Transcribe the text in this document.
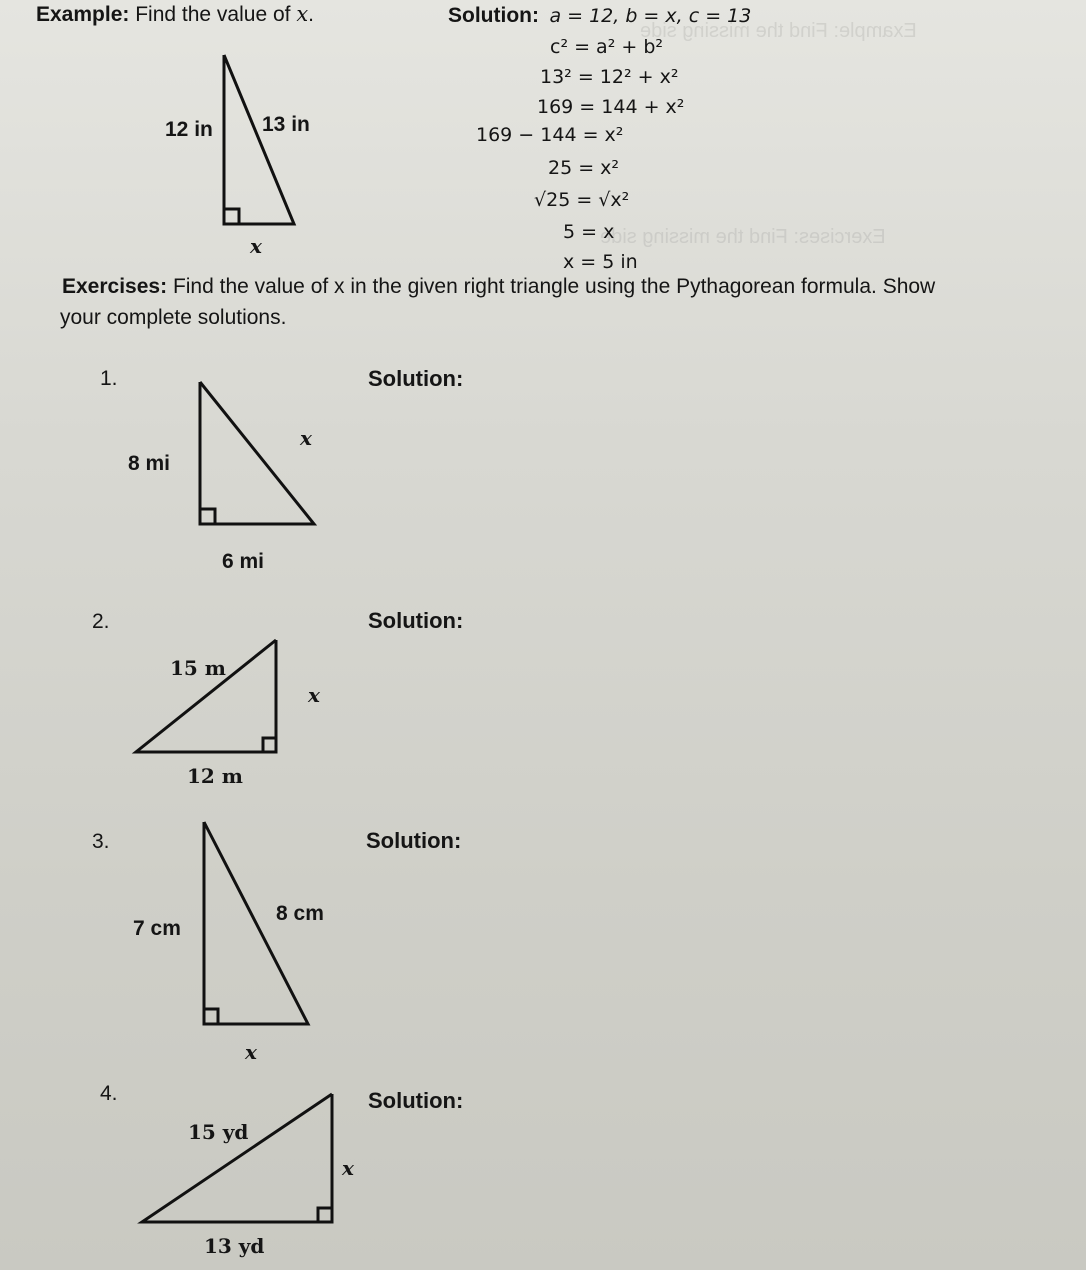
Example: Find the missing side
Exercises: Find the missing side
Example: Find the value of x.	Solution: a = 12, b = x, c = 13
12 in 13 in
x
c² = a² + b²
13² = 12² + x²
169 = 144 + x²
169 − 144 = x²
25 = x²
√25 = √x²
5 = x
x = 5 in
Exercises: Find the value of x in the given right triangle using the Pythagorean formula. Show
your complete solutions.
1.	Solution:
8 mi
x
6 mi
2.	Solution:
15 m
x
12 m
3.	Solution:
7 cm
8 cm
x
4.	Solution:
15 yd
x
13 yd
